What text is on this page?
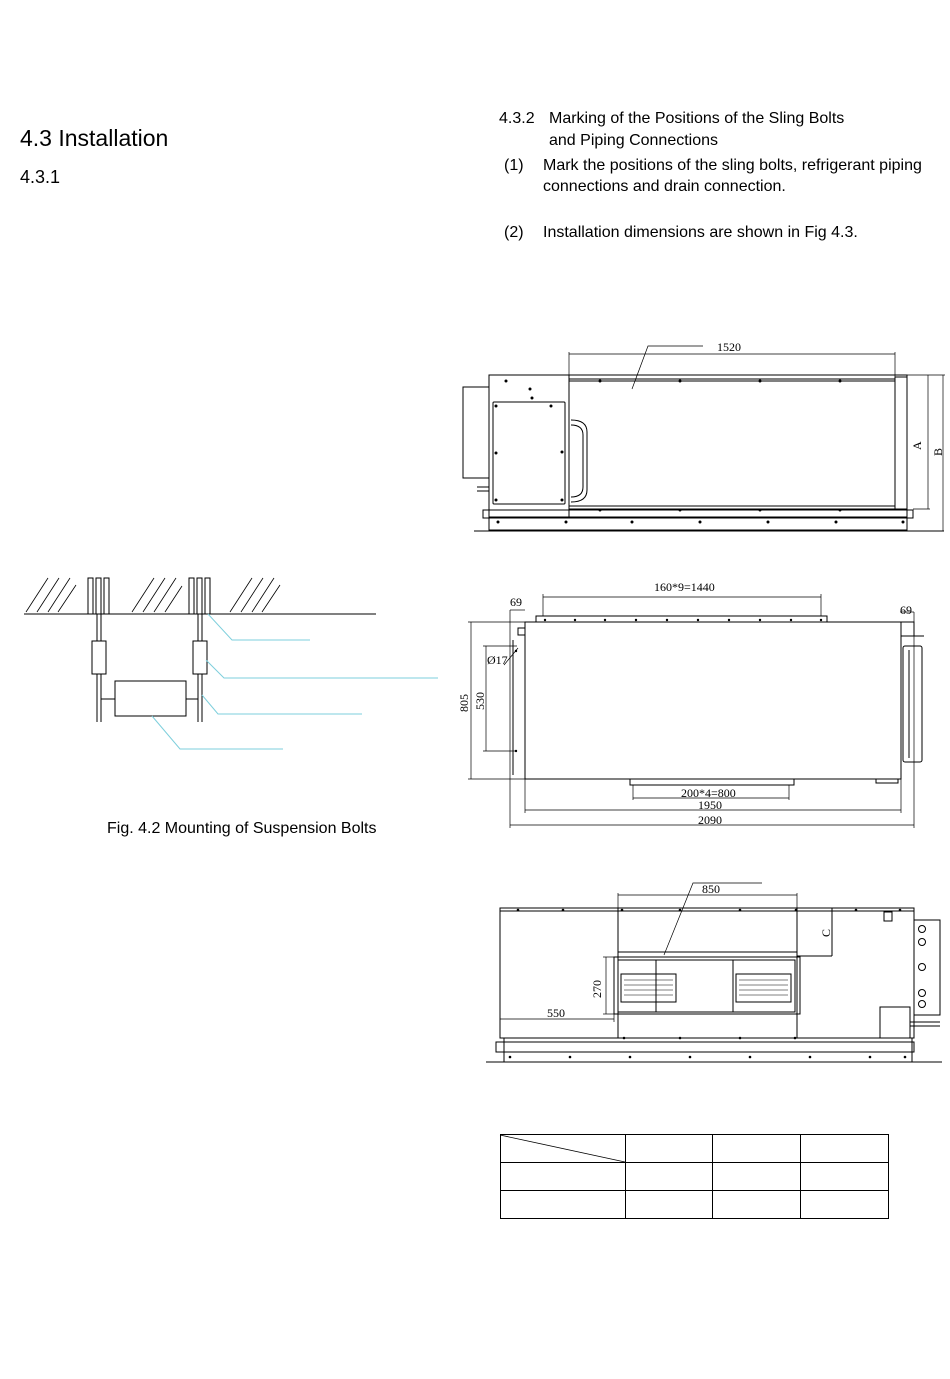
4.3 Installation
4.3.1
4.3.2 Marking of the Positions of the Sling Bolts
and Piping Connections
(1)	Mark the positions of the sling bolts, refrigerant piping connections and drain connection.
(2)	Installation dimensions are shown in Fig 4.3.
Fig. 4.2 Mounting of Suspension Bolts
1520
A
B
160*9=1440
69
69
Ø17
805 530
200*4=800
1950
2090
850
C
270
550
